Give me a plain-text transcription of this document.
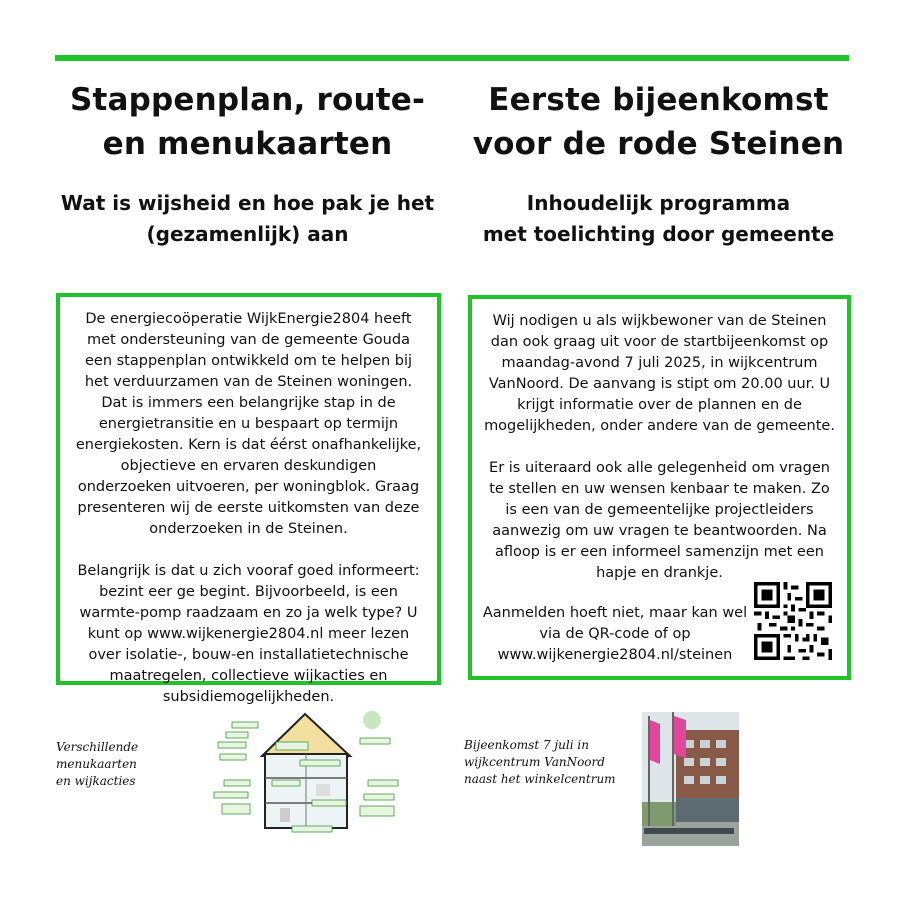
Stappenplan, route-
en menukaarten
Wat is wijsheid en hoe pak je het
(gezamenlijk) aan
Eerste bijeenkomst
voor de rode Steinen
Inhoudelijk programma
met toelichting door gemeente

De energiecoöperatie WijkEnergie2804 heeft met ondersteuning van de gemeente Gouda een stappenplan ontwikkeld om te helpen bij het verduurzamen van de Steinen woningen. Dat is immers een belangrijke stap in de energietransitie en u bespaart op termijn energiekosten. Kern is dat éérst onafhankelijke, objectieve en ervaren deskundigen onderzoeken uitvoeren, per woningblok. Graag presenteren wij de eerste uitkomsten van deze onderzoeken in de Steinen.

Belangrijk is dat u zich vooraf goed informeert: bezint eer ge begint. Bijvoorbeeld, is een warmte-pomp raadzaam en zo ja welk type? U kunt op www.wijkenergie2804.nl meer lezen over isolatie-, bouw-en installatietechnische maatregelen, collectieve wijkacties en subsidiemogelijkheden.

Wij nodigen u als wijkbewoner van de Steinen dan ook graag uit voor de startbijeenkomst op maandag-avond 7 juli 2025, in wijkcentrum VanNoord. De aanvang is stipt om 20.00 uur. U krijgt informatie over de plannen en de mogelijkheden, onder andere van de gemeente.

Er is uiteraard ook alle gelegenheid om vragen te stellen en uw wensen kenbaar te maken. Zo is een van de gemeentelijke projectleiders aanwezig om uw vragen te beantwoorden. Na afloop is er een informeel samenzijn met een hapje en drankje.

Aanmelden hoeft niet, maar kan wel
via de QR-code of op
www.wijkenergie2804.nl/steinen
Verschillende
menukaarten
en wijkacties
Bijeenkomst 7 juli in
wijkcentrum VanNoord
naast het winkelcentrum
